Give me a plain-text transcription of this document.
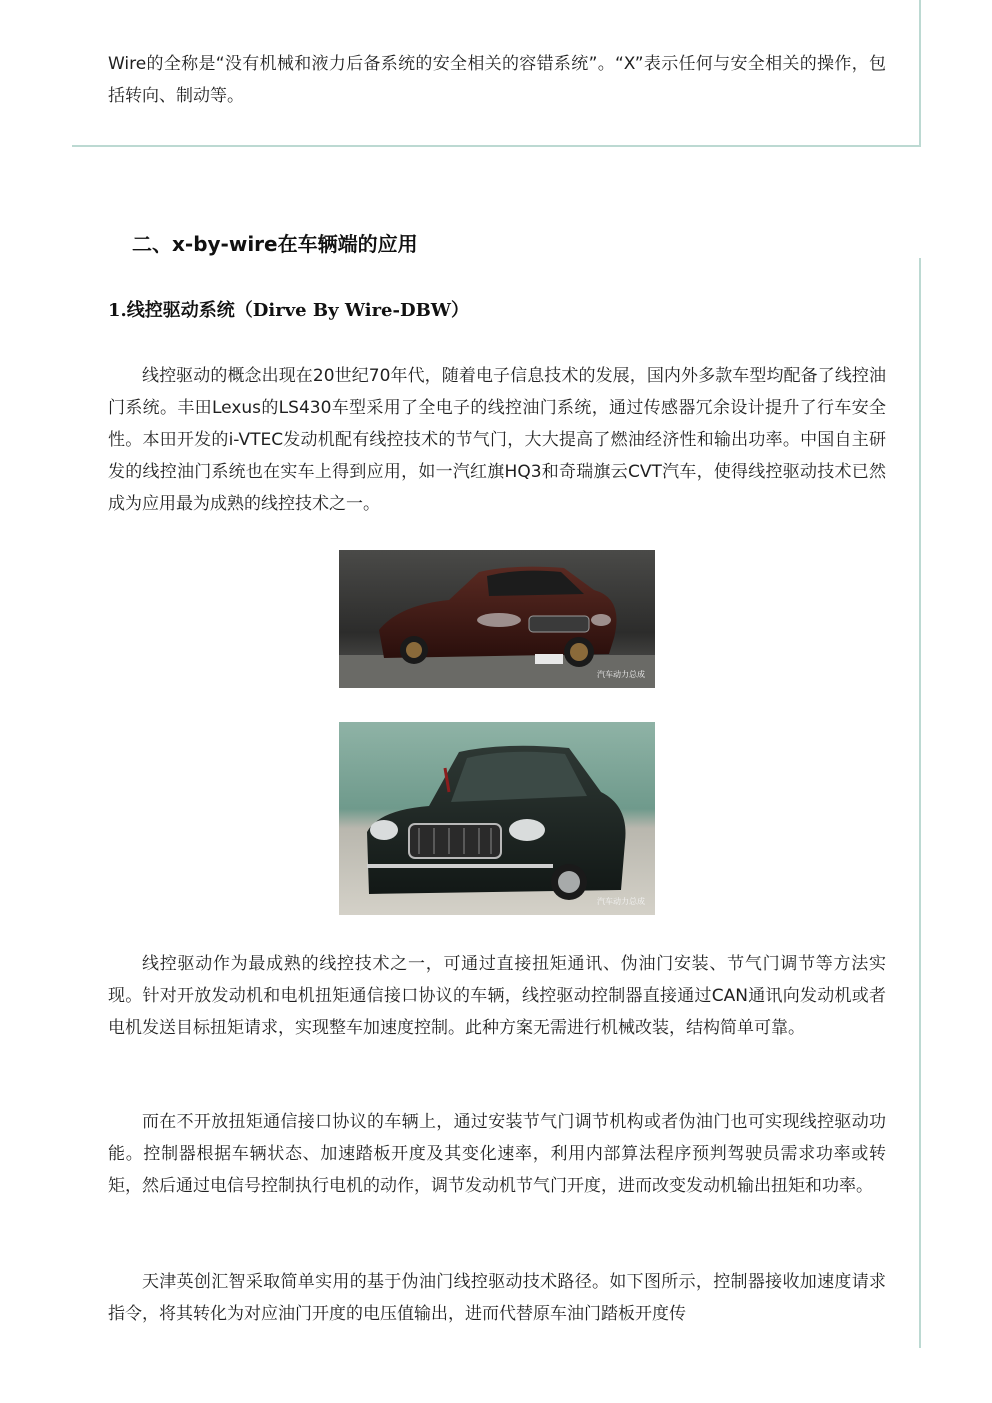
Wire的全称是“没有机械和液力后备系统的安全相关的容错系统”。“X”表示任何与安全相关的操作，包括转向、制动等。

二、x-by-wire在车辆端的应用
1.线控驱动系统（Dirve By Wire-DBW）

线控驱动的概念出现在20世纪70年代，随着电子信息技术的发展，国内外多款车型均配备了线控油门系统。丰田Lexus的LS430车型采用了全电子的线控油门系统，通过传感器冗余设计提升了行车安全性。本田开发的i-VTEC发动机配有线控技术的节气门，大大提高了燃油经济性和输出功率。中国自主研发的线控油门系统也在实车上得到应用，如一汽红旗HQ3和奇瑞旗云CVT汽车，使得线控驱动技术已然成为应用最为成熟的线控技术之一。

汽车动力总成
汽车动力总成

线控驱动作为最成熟的线控技术之一，可通过直接扭矩通讯、伪油门安装、节气门调节等方法实现。针对开放发动机和电机扭矩通信接口协议的车辆，线控驱动控制器直接通过CAN通讯向发动机或者电机发送目标扭矩请求，实现整车加速度控制。此种方案无需进行机械改装，结构简单可靠。

而在不开放扭矩通信接口协议的车辆上，通过安装节气门调节机构或者伪油门也可实现线控驱动功能。控制器根据车辆状态、加速踏板开度及其变化速率，利用内部算法程序预判驾驶员需求功率或转矩，然后通过电信号控制执行电机的动作，调节发动机节气门开度，进而改变发动机输出扭矩和功率。

天津英创汇智采取简单实用的基于伪油门线控驱动技术路径。如下图所示，控制器接收加速度请求指令，将其转化为对应油门开度的电压值输出，进而代替原车油门踏板开度传
